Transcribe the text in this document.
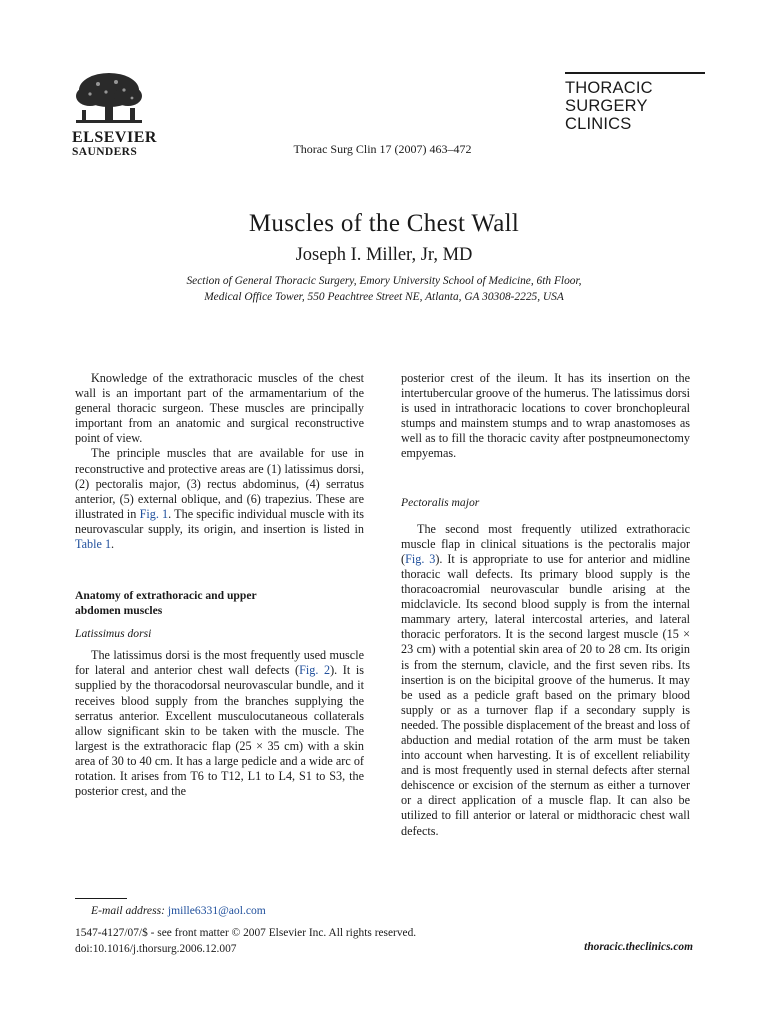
ELSEVIER
SAUNDERS	Thorac Surg Clin 17 (2007) 463–472
THORACIC
SURGERY
CLINICS
Muscles of the Chest Wall
Joseph I. Miller, Jr, MD
Section of General Thoracic Surgery, Emory University School of Medicine, 6th Floor,
Medical Office Tower, 550 Peachtree Street NE, Atlanta, GA 30308-2225, USA

Knowledge of the extrathoracic muscles of the chest wall is an important part of the armamentarium of the general thoracic surgeon. These muscles are principally important from an anatomic and surgical reconstructive point of view.

The principle muscles that are available for use in reconstructive and protective areas are (1) latissimus dorsi, (2) pectoralis major, (3) rectus abdominus, (4) serratus anterior, (5) external oblique, and (6) trapezius. These are illustrated in Fig. 1. The specific individual muscle with its neurovascular supply, its origin, and insertion is listed in Table 1.

Anatomy of extrathoracic and upper
abdomen muscles
Latissimus dorsi

The latissimus dorsi is the most frequently used muscle for lateral and anterior chest wall defects (Fig. 2). It is supplied by the thoracodorsal neurovascular bundle, and it receives blood supply from the branches supplying the serratus anterior. Excellent musculocutaneous collaterals allow significant skin to be taken with the muscle. The largest is the extrathoracic flap (25 × 35 cm) with a skin area of 30 to 40 cm. It has a large pedicle and a wide arc of rotation. It arises from T6 to T12, L1 to L4, S1 to S3, the posterior crest, and the

posterior crest of the ileum. It has its insertion on the intertubercular groove of the humerus. The latissimus dorsi is used in intrathoracic locations to cover bronchopleural stumps and mainstem stumps and to wrap anastomoses as well as to fill the thoracic cavity after postpneumonectomy empyemas.

Pectoralis major

The second most frequently utilized extrathoracic muscle flap in clinical situations is the pectoralis major (Fig. 3). It is appropriate to use for anterior and midline thoracic wall defects. Its primary blood supply is the thoracoacromial neurovascular bundle arising at the midclavicle. Its second blood supply is from the internal mammary artery, lateral intercostal arteries, and lateral thoracic perforators. It is the second largest muscle (15 × 23 cm) with a potential skin area of 20 to 28 cm. Its origin is from the sternum, clavicle, and the first seven ribs. Its insertion is on the bicipital groove of the humerus. It may be used as a pedicle graft based on the primary blood supply or as a turnover flap if a secondary supply is needed. The possible displacement of the breast and loss of abduction and medial rotation of the arm must be taken into account when harvesting. It is of excellent reliability and is most frequently used in sternal defects after sternal dehiscence or excision of the sternum as either a turnover or a direct application of a muscle flap. It can also be utilized to fill anterior or lateral or midthoracic chest wall defects.

E-mail address: jmille6331@aol.com
1547-4127/07/$ - see front matter © 2007 Elsevier Inc. All rights reserved.
doi:10.1016/j.thorsurg.2006.12.007	thoracic.theclinics.com
